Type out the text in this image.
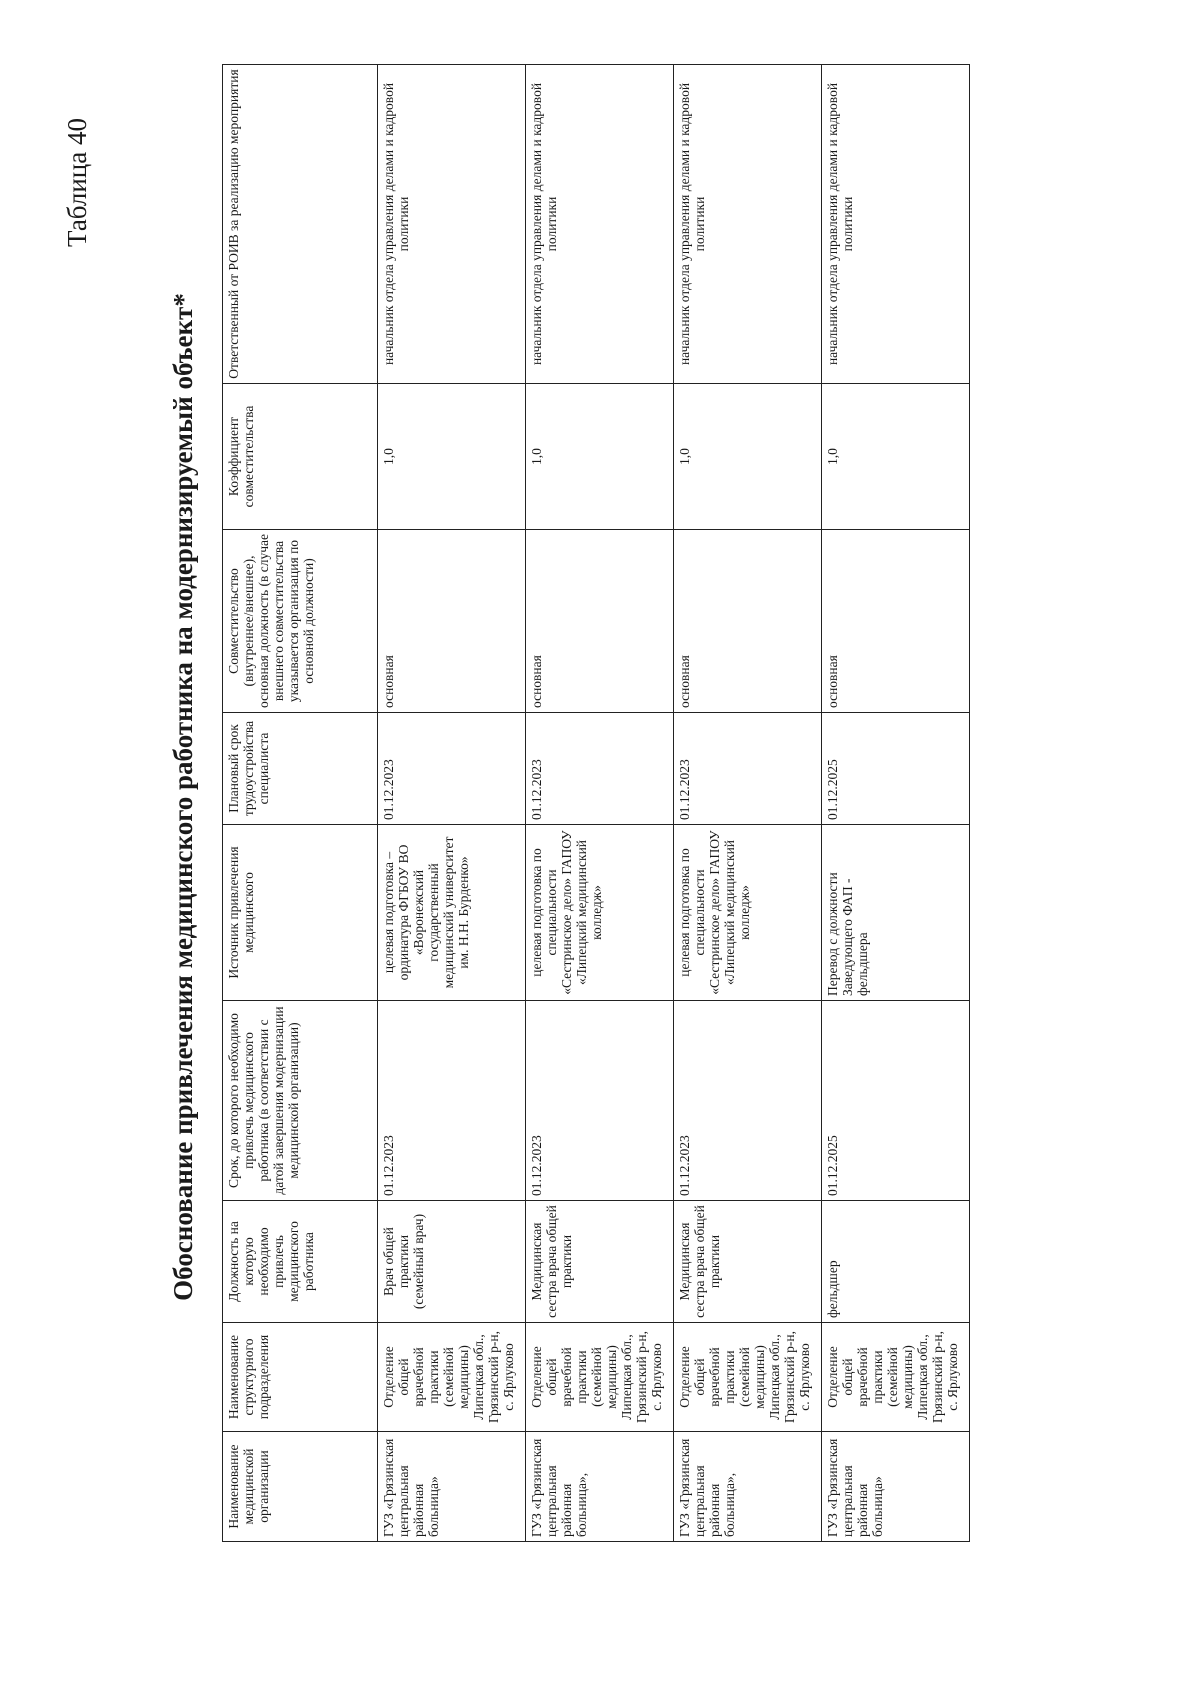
Таблица 40
Обоснование привлечения медицинского работника на модернизируемый объект*
Наименование медицинской организации	Наименование структурного подразделения	Должность на которую необходимо привлечь медицинского работника	Срок, до которого необходимо привлечь медицинского работника (в соответствии с датой завершения модернизации медицинской организации)	Источник привлечения медицинского	Плановый срок трудоустройства специалиста	Совместительство (внутреннее/внешнее), основная должность (в случае внешнего совместительства указывается организация по основной должности)	Коэффициент совместительства	Ответственный от РОИВ за реализацию мероприятия
ГУЗ «Грязинская центральная районная больница»	Отделение общей врачебной практики (семейной медицины) Липецкая обл., Грязинский р-н, с. Ярлуково	Врач общей практики (семейный врач)	01.12.2023	целевая подготовка – ординатура ФГБОУ ВО «Воронежский государственный медицинский университет им. Н.Н. Бурденко»	01.12.2023	основная	1,0	начальник отдела управления делами и кадровой политики
ГУЗ «Грязинская центральная районная больница»,	Отделение общей врачебной практики (семейной медицины) Липецкая обл., Грязинский р-н, с. Ярлуково	Медицинская сестра врача общей практики	01.12.2023	целевая подготовка по специальности «Сестринское дело» ГАПОУ «Липецкий медицинский колледж»	01.12.2023	основная	1,0	начальник отдела управления делами и кадровой политики
ГУЗ «Грязинская центральная районная больница»,	Отделение общей врачебной практики (семейной медицины) Липецкая обл., Грязинский р-н, с. Ярлуково	Медицинская сестра врача общей практики	01.12.2023	целевая подготовка по специальности «Сестринское дело» ГАПОУ «Липецкий медицинский колледж»	01.12.2023	основная	1,0	начальник отдела управления делами и кадровой политики
ГУЗ «Грязинская центральная районная больница»	Отделение общей врачебной практики (семейной медицины) Липецкая обл., Грязинский р-н, с. Ярлуково	фельдшер	01.12.2025	Перевод с должности Заведующего ФАП - фельдшера	01.12.2025	основная	1,0	начальник отдела управления делами и кадровой политики
